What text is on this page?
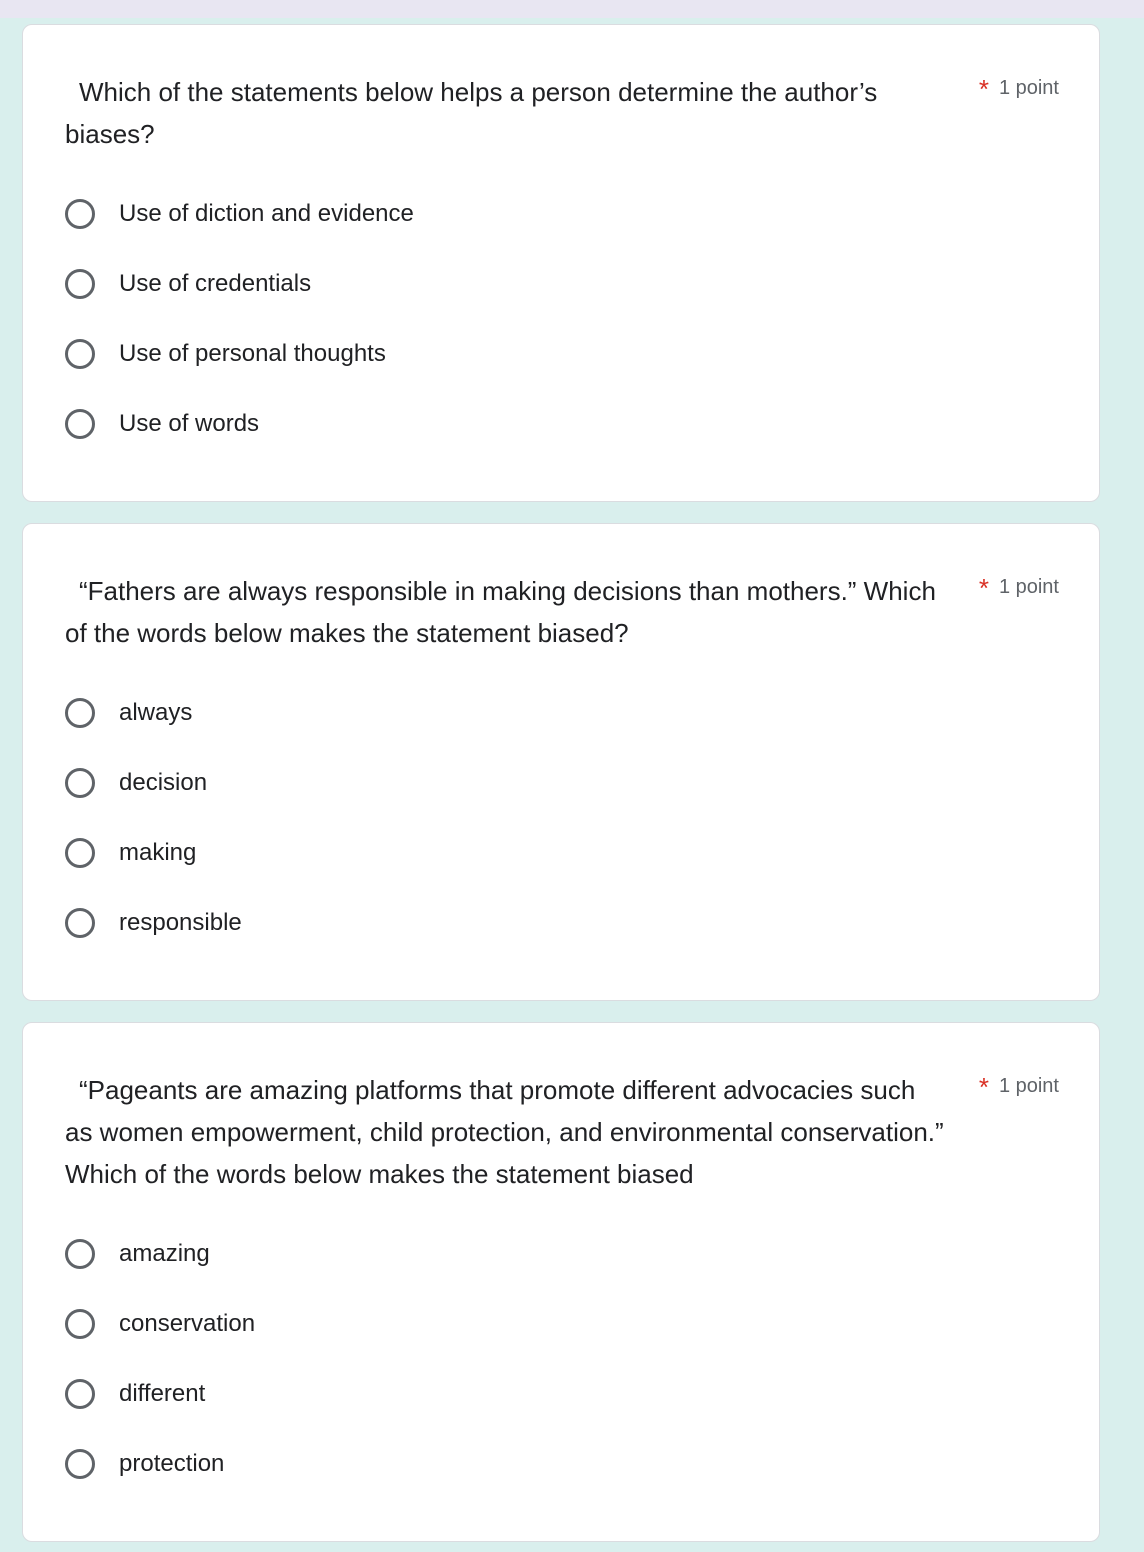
Which of the statements below helps a person determine the author’s biases?
* 1 point
Use of diction and evidence
Use of credentials
Use of personal thoughts
Use of words
“Fathers are always responsible in making decisions than mothers.” Which of the words below makes the statement biased?
* 1 point
always
decision
making
responsible
“Pageants are amazing platforms that promote different advocacies such as women empowerment, child protection, and environmental conservation.” Which of the words below makes the statement biased
* 1 point
amazing
conservation
different
protection
